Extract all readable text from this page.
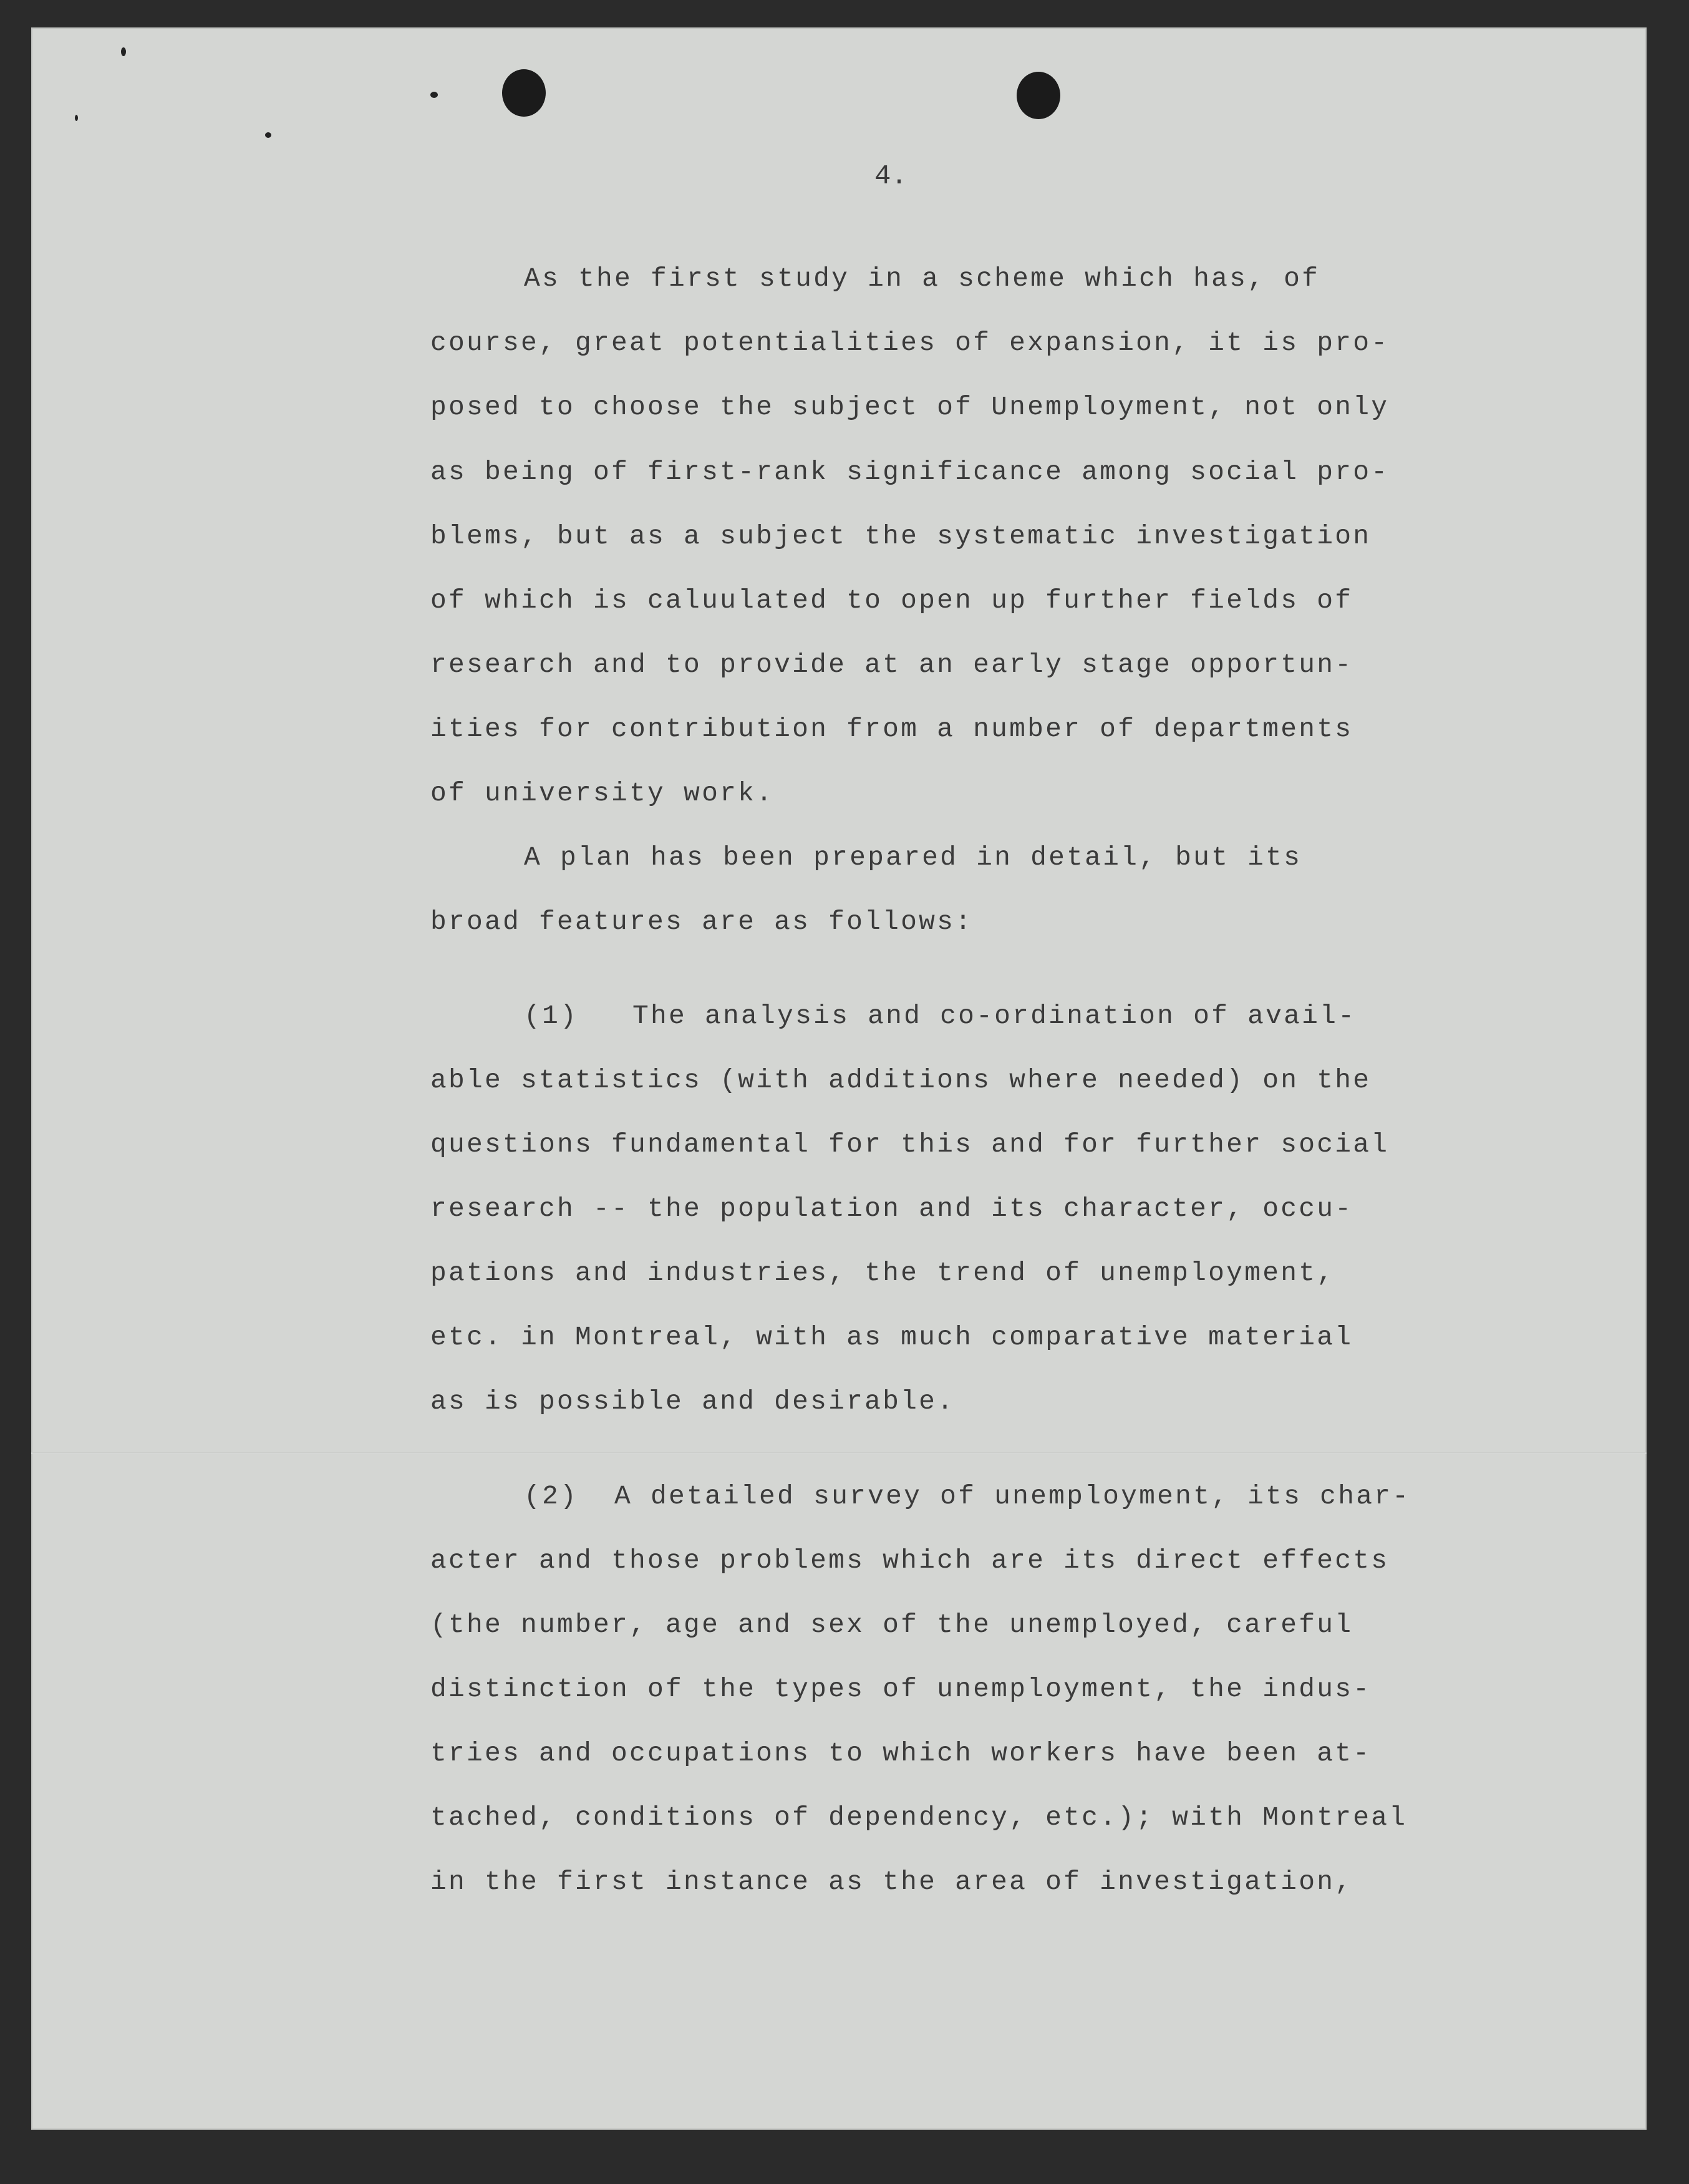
4.
As the first study in a scheme which has, of
course, great potentialities of expansion, it is pro-
posed to choose the subject of Unemployment, not only
as being of first-rank significance among social pro-
blems, but as a subject the systematic investigation
of which is caluulated to open up further fields of
research and to provide at an early stage opportun-
ities for contribution from a number of departments
of university work.
A plan has been prepared in detail, but its
broad features are as follows:
(1)   The analysis and co-ordination of avail-
able statistics (with additions where needed) on the
questions fundamental for this and for further social
research -- the population and its character, occu-
pations and industries, the trend of unemployment,
etc. in Montreal, with as much comparative material
as is possible and desirable.
(2)  A detailed survey of unemployment, its char-
acter and those problems which are its direct effects
(the number, age and sex of the unemployed, careful
distinction of the types of unemployment, the indus-
tries and occupations to which workers have been at-
tached, conditions of dependency, etc.); with Montreal
in the first instance as the area of investigation,
